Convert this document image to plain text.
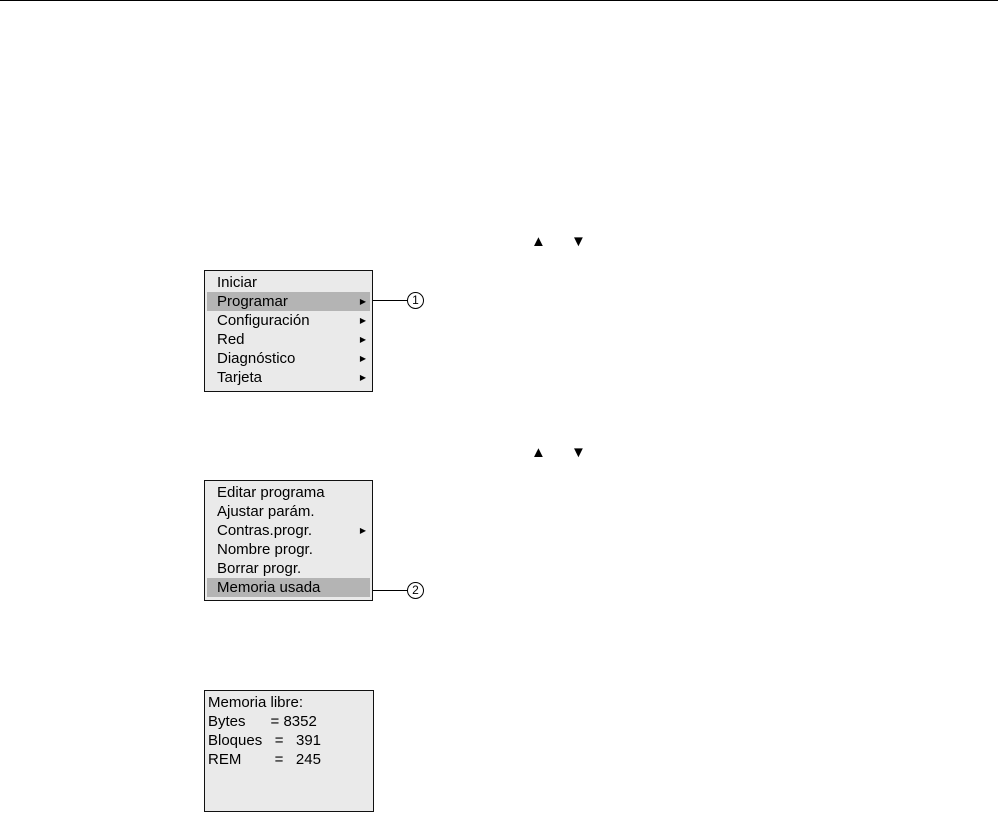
▲ ▼
Iniciar
Programar	▶
Configuración	▶
Red	▶
Diagnóstico	▶
Tarjeta	▶
1
▲ ▼
Editar programa
Ajustar parám.
Contras.progr.	▶
Nombre progr.
Borrar progr.
Memoria usada	2
Memoria libre:
Bytes      = 8352
Bloques   =   391
REM        =   245
